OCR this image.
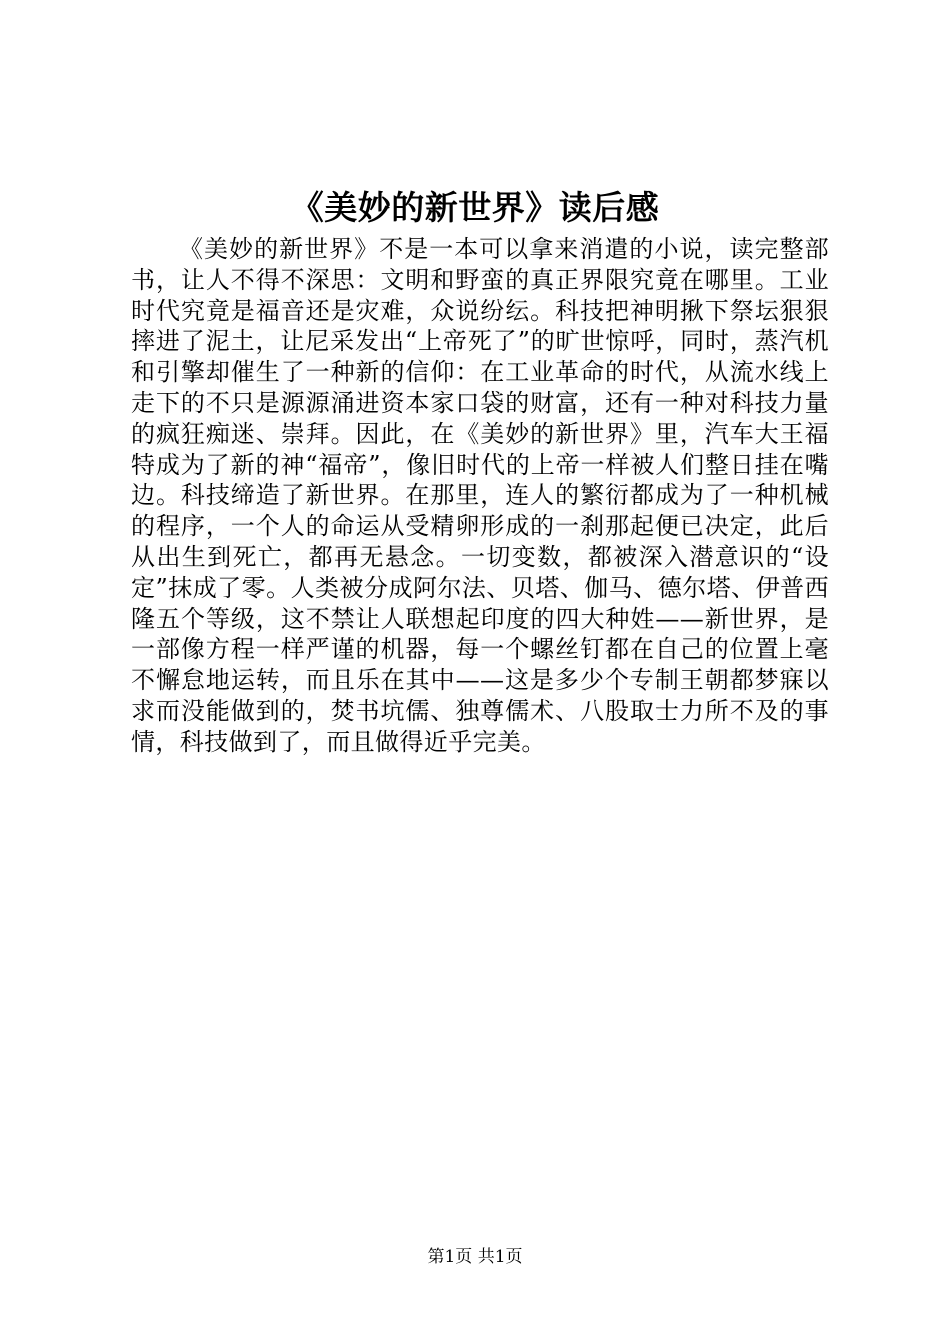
《美妙的新世界》读后感

《美妙的新世界》不是一本可以拿来消遣的小说，读完整部书，让人不得不深思：文明和野蛮的真正界限究竟在哪里。工业时代究竟是福音还是灾难，众说纷纭。科技把神明揪下祭坛狠狠摔进了泥土，让尼采发出“上帝死了”的旷世惊呼，同时，蒸汽机和引擎却催生了一种新的信仰：在工业革命的时代，从流水线上走下的不只是源源涌进资本家口袋的财富，还有一种对科技力量的疯狂痴迷、崇拜。因此，在《美妙的新世界》里，汽车大王福特成为了新的神“福帝”，像旧时代的上帝一样被人们整日挂在嘴边。科技缔造了新世界。在那里，连人的繁衍都成为了一种机械的程序，一个人的命运从受精卵形成的一刹那起便已决定，此后从出生到死亡，都再无悬念。一切变数，都被深入潜意识的“设定”抹成了零。人类被分成阿尔法、贝塔、伽马、德尔塔、伊普西隆五个等级，这不禁让人联想起印度的四大种姓——新世界，是一部像方程一样严谨的机器，每一个螺丝钉都在自己的位置上毫不懈怠地运转，而且乐在其中——这是多少个专制王朝都梦寐以求而没能做到的，焚书坑儒、独尊儒术、八股取士力所不及的事情，科技做到了，而且做得近乎完美。

第1页 共1页
